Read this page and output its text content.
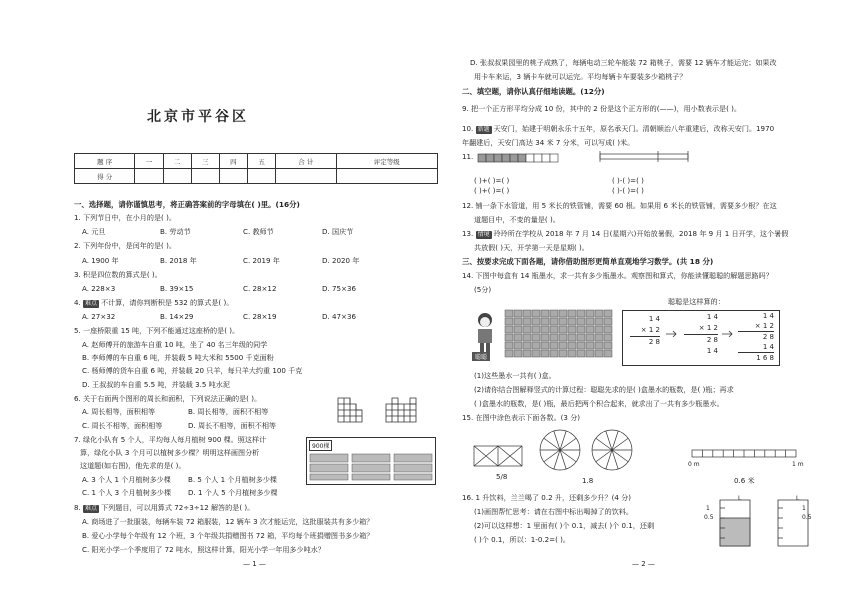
北京市平谷区
题 序	一	二	三	四	五	合 计	评定等级
得 分							
一、选择题，请你谨慎思考，将正确答案前的字母填在( )里。(16分)
1. 下列节日中，在小月的是( )。
A. 元旦	B. 劳动节	C. 教师节	D. 国庆节
2. 下列年份中，是闰年的是( )。
A. 1900 年	B. 2018 年	C. 2019 年	D. 2020 年
3. 积是四位数的算式是( )。
A. 228×3	B. 39×15	C. 28×12	D. 75×36
4. 难点 不计算，请你判断积是 532 的算式是( )。
A. 27×32	B. 14×29	C. 28×19	D. 47×36
5. 一座桥限重 15 吨，下列不能通过这座桥的是( )。
A. 赵师傅开的旅游车自重 10 吨，坐了 40 名三年级的同学
B. 李师傅的车自重 6 吨，并装载 5 吨大米和 5500 千克面粉
C. 杨师傅的货车自重 6 吨，并装载 20 只羊，每只羊大约重 100 千克
D. 王叔叔的车自重 5.5 吨，并装载 3.5 吨水泥
6. 关于右面两个图形的周长和面积，下列说法正确的是( )。
A. 周长相等，面积相等	B. 周长相等，面积不相等
C. 周长不相等，面积相等	D. 周长不相等，面积不相等
7. 绿化小队有 5 个人，平均每人每月植树 900 棵。照这样计
算，绿化小队 3 个月可以植树多少棵？明明这样画图分析
这道题(如右图)，他先求的是( )。
A. 3 个人 1 个月植树多少棵 B. 5 个人 1 个月植树多少棵
C. 1 个人 3 个月植树多少棵 D. 1 个人 5 个月植树多少棵
900棵
8. 难点 下列题目，可以用算式 72÷3÷12 解答的是( )。
A. 商场进了一批服装，每辆车装 72 箱服装，12 辆车 3 次才能运完，这批服装共有多少箱？
B. 爱心小学每个年级有 12 个班，3 个年级共捐赠图书 72 箱，平均每个班捐赠图书多少箱？
C. 阳光小学一个季度用了 72 吨水，照这样计算，阳光小学一年用多少吨水？
— 1 —
D. 张叔叔果园里的桃子成熟了，每辆电动三轮车能装 72 箱桃子，需要 12 辆车才能运完；如果改
用卡车来运，3 辆卡车就可以运完。平均每辆卡车要装多少箱桃子？
二、填空题，请你认真仔细地读题。(12分)
9. 把一个正方形平均分成 10 份，其中的 2 份是这个正方形的(——)，用小数表示是( )。
10. 新题 天安门，始建于明朝永乐十五年，原名承天门。清朝顺治八年重建后，改称天安门。1970
年翻建后，天安门高达 34 米 7 分米，可以写成( )米。
11.
( )+( )=( )
( )+( )=( )
( )-( )=( )
( )-( )=( )
12. 铺一条下水管道，用 5 米长的铁管铺，需要 60 根。如果用 6 米长的铁管铺，需要多少根？在这
道题目中，不变的量是( )。
13. 情境 玲玲所在学校从 2018 年 7 月 14 日(星期六)开始放暑假，2018 年 9 月 1 日开学，这个暑假
共放假( )天，开学第一天是星期( )。
三、按要求完成下面各题，请你借助图形更简单直观地学习数学。(共 18 分)
14. 下图中每盒有 14 瓶墨水，求一共有多少瓶墨水。观察图和算式，你能读懂聪聪的解题思路吗？
(5分)
聪聪是这样算的：
聪聪
1 4
× 1 2
2 8
1 4
× 1 2
2 8
1 4
1 4
× 1 2
2 8
1 4
1 6 8
(1)这些墨水一共有( )盒。
(2)请你结合图解释竖式的计算过程：聪聪先求的是( )盒墨水的瓶数，是( )瓶；再求
( )盒墨水的瓶数，是( )瓶，最后把两个积合起来，就求出了一共有多少瓶墨水。
15. 在图中涂色表示下面各数。(3 分)
5/8	1.8
0 m	1 m
0.6 米
16. 1 升饮料，兰兰喝了 0.2 升，还剩多少升？(4 分)
(1)画图帮忙思考：请在右图中标出喝掉了的饮料。
(2)可以这样想：1 里面有( )个 0.1，减去( )个 0.1，还剩
( )个 0.1，所以：1-0.2=( )。
L
1
0.5
L
1
0.5
— 2 —
